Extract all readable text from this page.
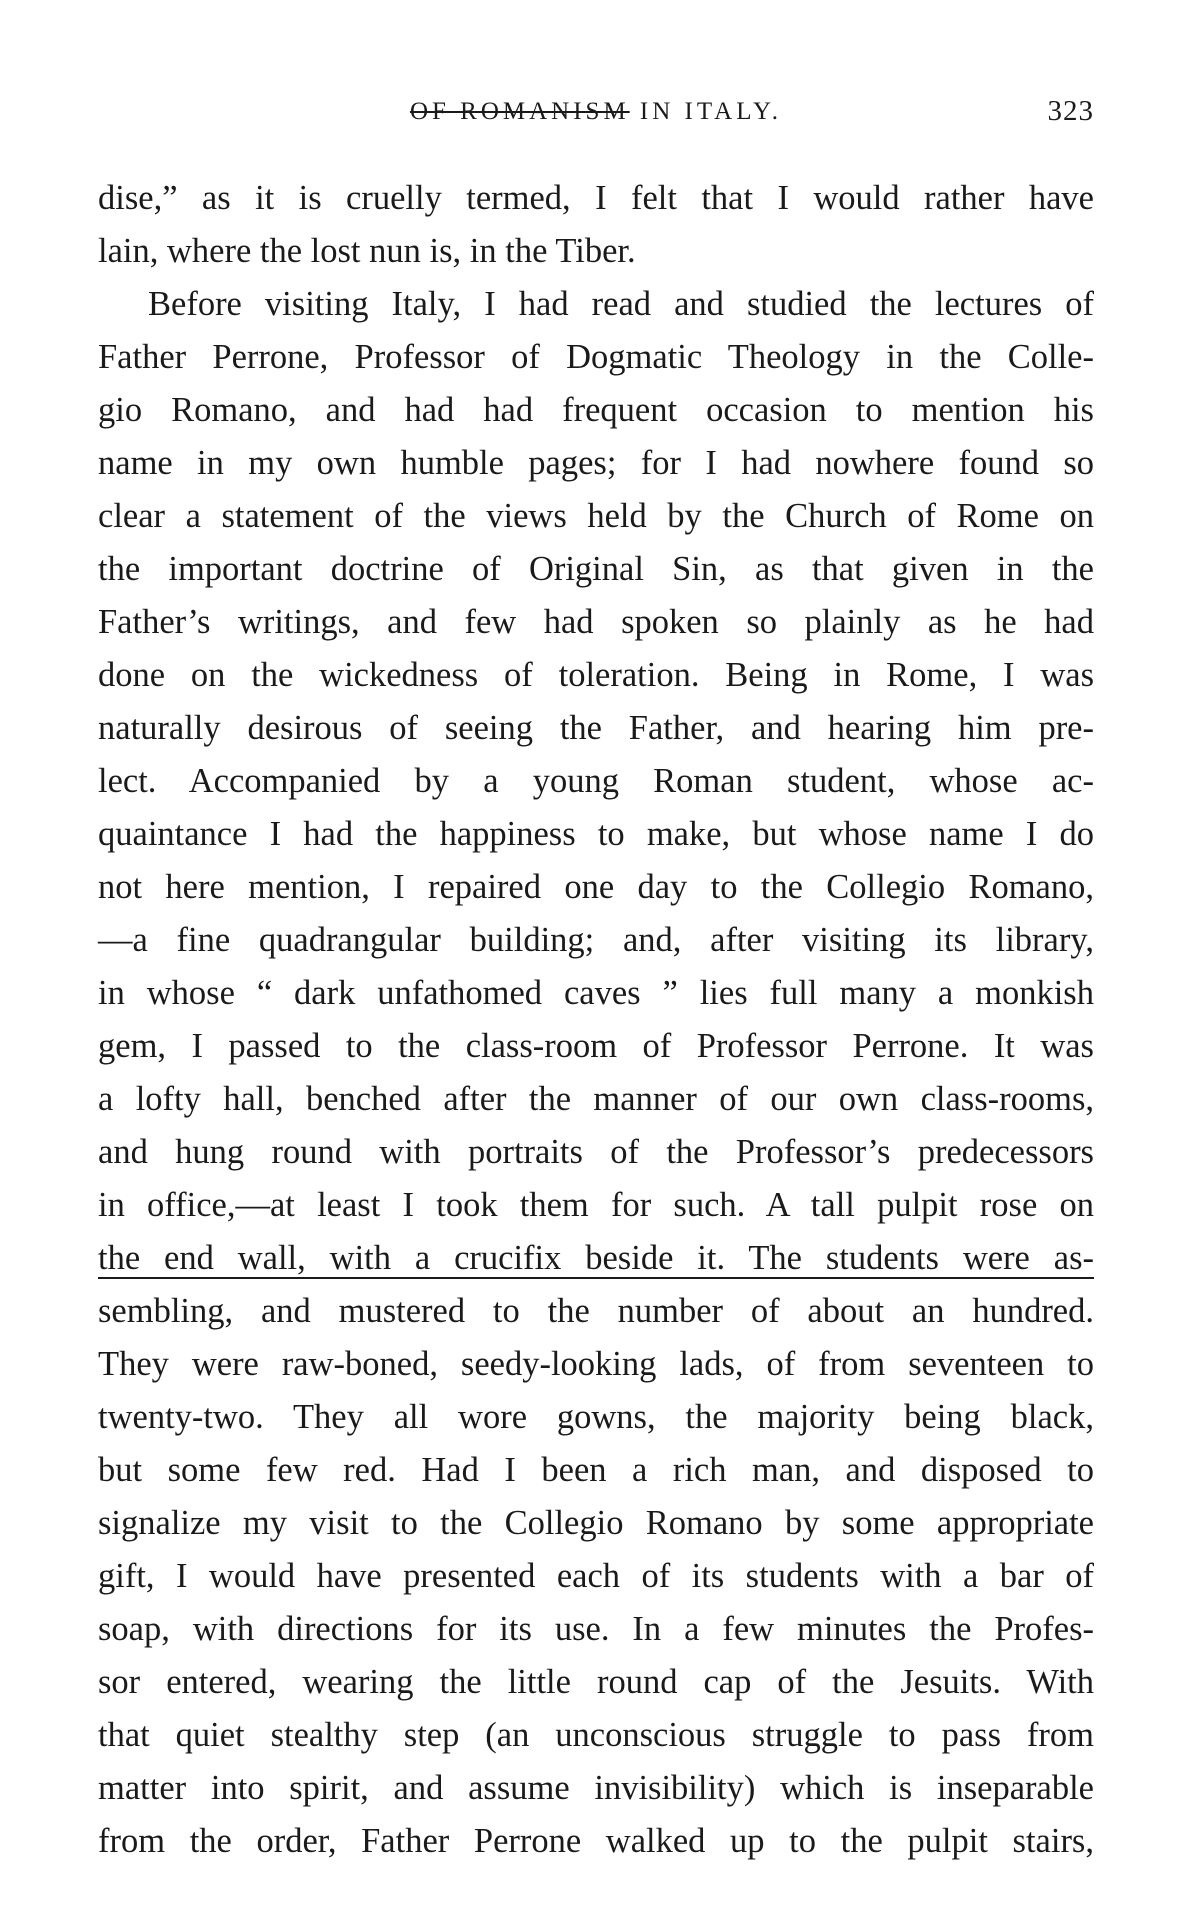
OF ROMANISM IN ITALY.	323
dise,” as it is cruelly termed, I felt that I would rather have
lain, where the lost nun is, in the Tiber.
Before visiting Italy, I had read and studied the lectures of
Father Perrone, Professor of Dogmatic Theology in the Colle-
gio Romano, and had had frequent occasion to mention his
name in my own humble pages; for I had nowhere found so
clear a statement of the views held by the Church of Rome on
the important doctrine of Original Sin, as that given in the
Father’s writings, and few had spoken so plainly as he had
done on the wickedness of toleration. Being in Rome, I was
naturally desirous of seeing the Father, and hearing him pre-
lect. Accompanied by a young Roman student, whose ac-
quaintance I had the happiness to make, but whose name I do
not here mention, I repaired one day to the Collegio Romano,
—a fine quadrangular building; and, after visiting its library,
in whose “ dark unfathomed caves ” lies full many a monkish
gem, I passed to the class-room of Professor Perrone. It was
a lofty hall, benched after the manner of our own class-rooms,
and hung round with portraits of the Professor’s predecessors
in office,—at least I took them for such. A tall pulpit rose on
the end wall, with a crucifix beside it. The students were as-
sembling, and mustered to the number of about an hundred.
They were raw-boned, seedy-looking lads, of from seventeen to
twenty-two. They all wore gowns, the majority being black,
but some few red. Had I been a rich man, and disposed to
signalize my visit to the Collegio Romano by some appropriate
gift, I would have presented each of its students with a bar of
soap, with directions for its use. In a few minutes the Profes-
sor entered, wearing the little round cap of the Jesuits. With
that quiet stealthy step (an unconscious struggle to pass from
matter into spirit, and assume invisibility) which is inseparable
from the order, Father Perrone walked up to the pulpit stairs,
